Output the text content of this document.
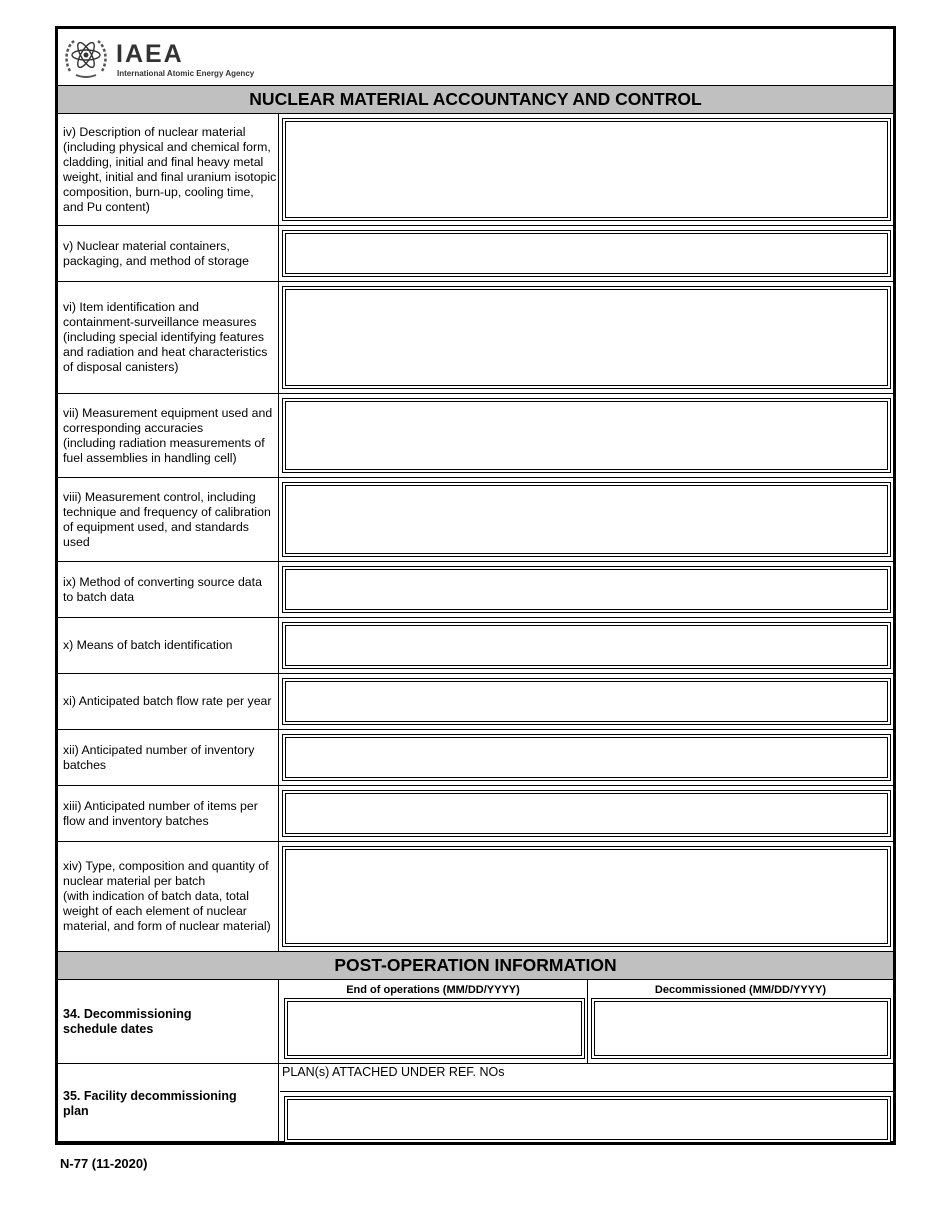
IAEA
International Atomic Energy Agency
NUCLEAR MATERIAL ACCOUNTANCY AND CONTROL
iv) Description of nuclear material
(including physical and chemical form,
cladding, initial and final heavy metal
weight, initial and final uranium isotopic
composition, burn-up, cooling time,
and Pu content)
v) Nuclear material containers,
packaging, and method of storage
vi) Item identification and
containment-surveillance measures
(including special identifying features
and radiation and heat characteristics
of disposal canisters)
vii) Measurement equipment used and
corresponding accuracies
(including radiation measurements of
fuel assemblies in handling cell)
viii) Measurement control, including
technique and frequency of calibration
of equipment used, and standards
used
ix) Method of converting source data
to batch data
x) Means of batch identification
xi) Anticipated batch flow rate per year
xii) Anticipated number of inventory
batches
xiii) Anticipated number of items per
flow and inventory batches
xiv) Type, composition and quantity of
nuclear material per batch
(with indication of batch data, total
weight of each element of nuclear
material, and form of nuclear material)
POST-OPERATION INFORMATION
34. Decommissioning
schedule dates
End of operations (MM/DD/YYYY)	Decommissioned (MM/DD/YYYY)
35. Facility decommissioning
plan
PLAN(s) ATTACHED UNDER REF. NOs
N-77 (11-2020)
